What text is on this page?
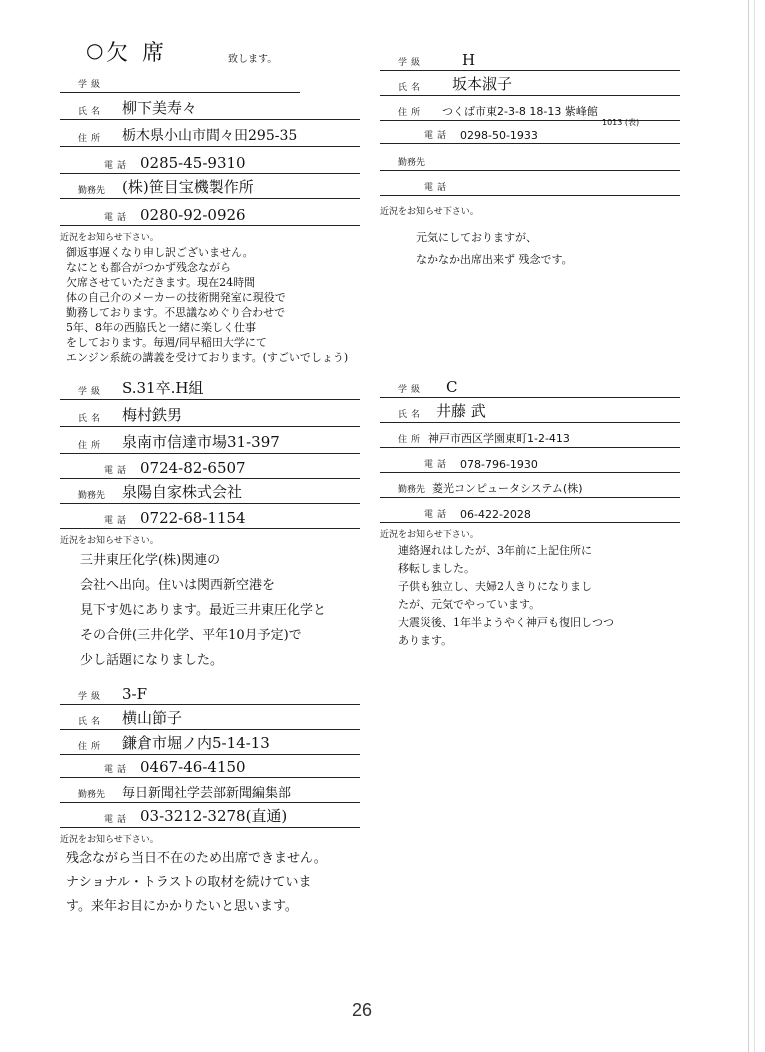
○ 欠席	致します。
学級
氏名 柳下美寿々
住所 栃木県小山市間々田295-35
電話 0285-45-9310
勤務先 (株)笹目宝機製作所
電話 0280-92-0926
近況をお知らせ下さい。
御返事遅くなり申し訳ございません。
なにとも都合がつかず残念ながら
欠席させていただきます。現在24時間
体の自己介のメーカーの技術開発室に現役で
勤務しております。不思議なめぐり合わせで
5年、8年の西脇氏と一緒に楽しく仕事
をしております。毎週/同早稲田大学にて
エンジン系統の講義を受けております。(すごいでしょう)
学級 S.31卒.H組
氏名 梅村鉄男
住所 泉南市信達市場31-397
電話 0724-82-6507
勤務先 泉陽自家株式会社
電話 0722-68-1154
近況をお知らせ下さい。
三井東圧化学(株)関連の
会社へ出向。住いは関西新空港を
見下す処にあります。最近三井東圧化学と
その合併(三井化学、平年10月予定)で
少し話題になりました。
学級 3-F
氏名 横山節子
住所 鎌倉市堀ノ内5-14-13
電話 0467-46-4150
勤務先 毎日新聞社学芸部新聞編集部
電話 03-3212-3278(直通)
近況をお知らせ下さい。
残念ながら当日不在のため出席できません。ナショナル・トラストの取材を続けています。来年お目にかかりたいと思います。
学級	H
氏名 坂本淑子
住所 つくば市東2-3-8 18-13 紫峰館
1013 (表)
電話 0298-50-1933
勤務先
電話
近況をお知らせ下さい。
元気にしておりますが、
なかなか出席出来ず 残念です。
学級 C
氏名 井藤 武
住所 神戸市西区学園東町1-2-413
電話 078-796-1930
勤務先 菱光コンピュータシステム(株)
電話 06-422-2028
近況をお知らせ下さい。
連絡遅れはしたが、3年前に上記住所に
移転しました。
子供も独立し、夫婦2人きりになりまし
たが、元気でやっています。
大震災後、1年半ようやく神戸も復旧しつつ
あります。
26
